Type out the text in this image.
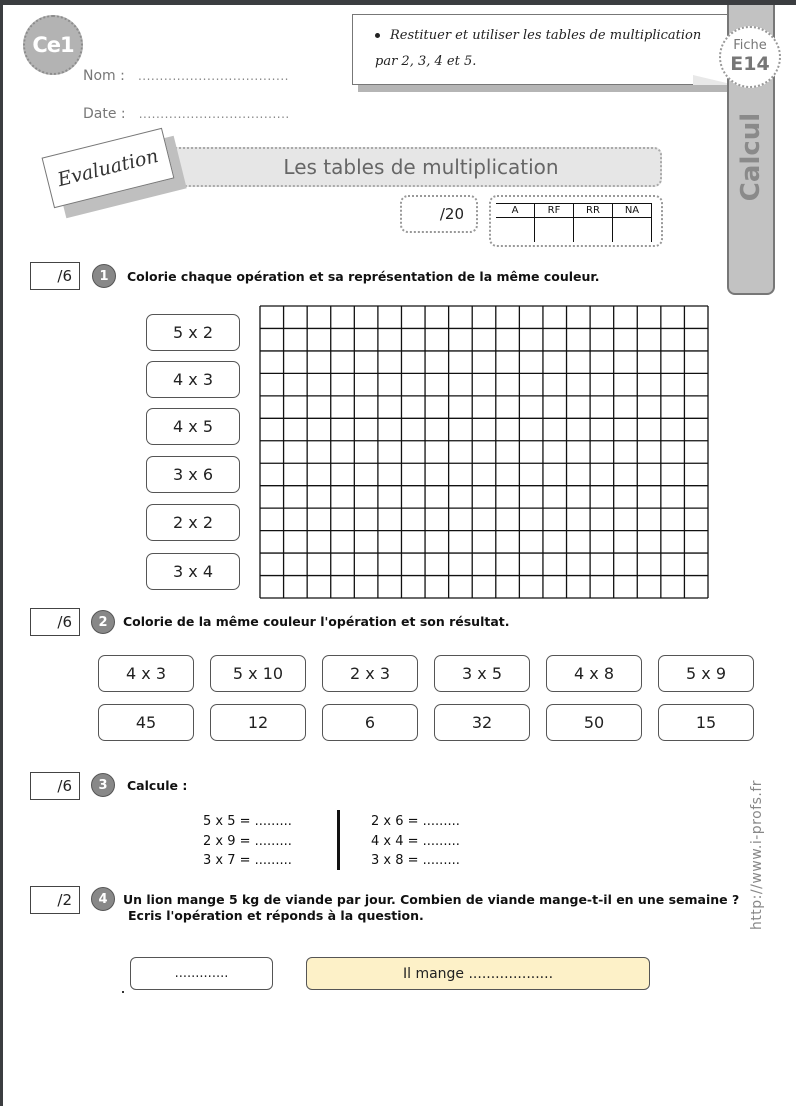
Ce1
Nom : ...................................
Date : ...................................
Restituer et utiliser les tables de multiplication
par 2, 3, 4 et 5.
Calcul
Fiche
E14
Les tables de multiplication
Evaluation
/20	A	RF	RR	NA

/6	1	Colorie chaque opération et sa représentation de la même couleur.
5 x 2
4 x 3
4 x 5
3 x 6
2 x 2
3 x 4
/6	2	Colorie de la même couleur l'opération et son résultat.
4 x 3	5 x 10	2 x 3	3 x 5	4 x 8	5 x 9
45	12	6	32	50	15
/6	3	Calcule :
5 x 5 = .........
2 x 9 = .........
3 x 7 = .........
2 x 6 = .........
4 x 4 = .........
3 x 8 = .........
/2	4	Un lion mange 5 kg de viande par jour. Combien de viande mange-t-il en une semaine ?
Ecris l'opération et réponds à la question.
.............	Il mange ...................
http://www.i-profs.fr
